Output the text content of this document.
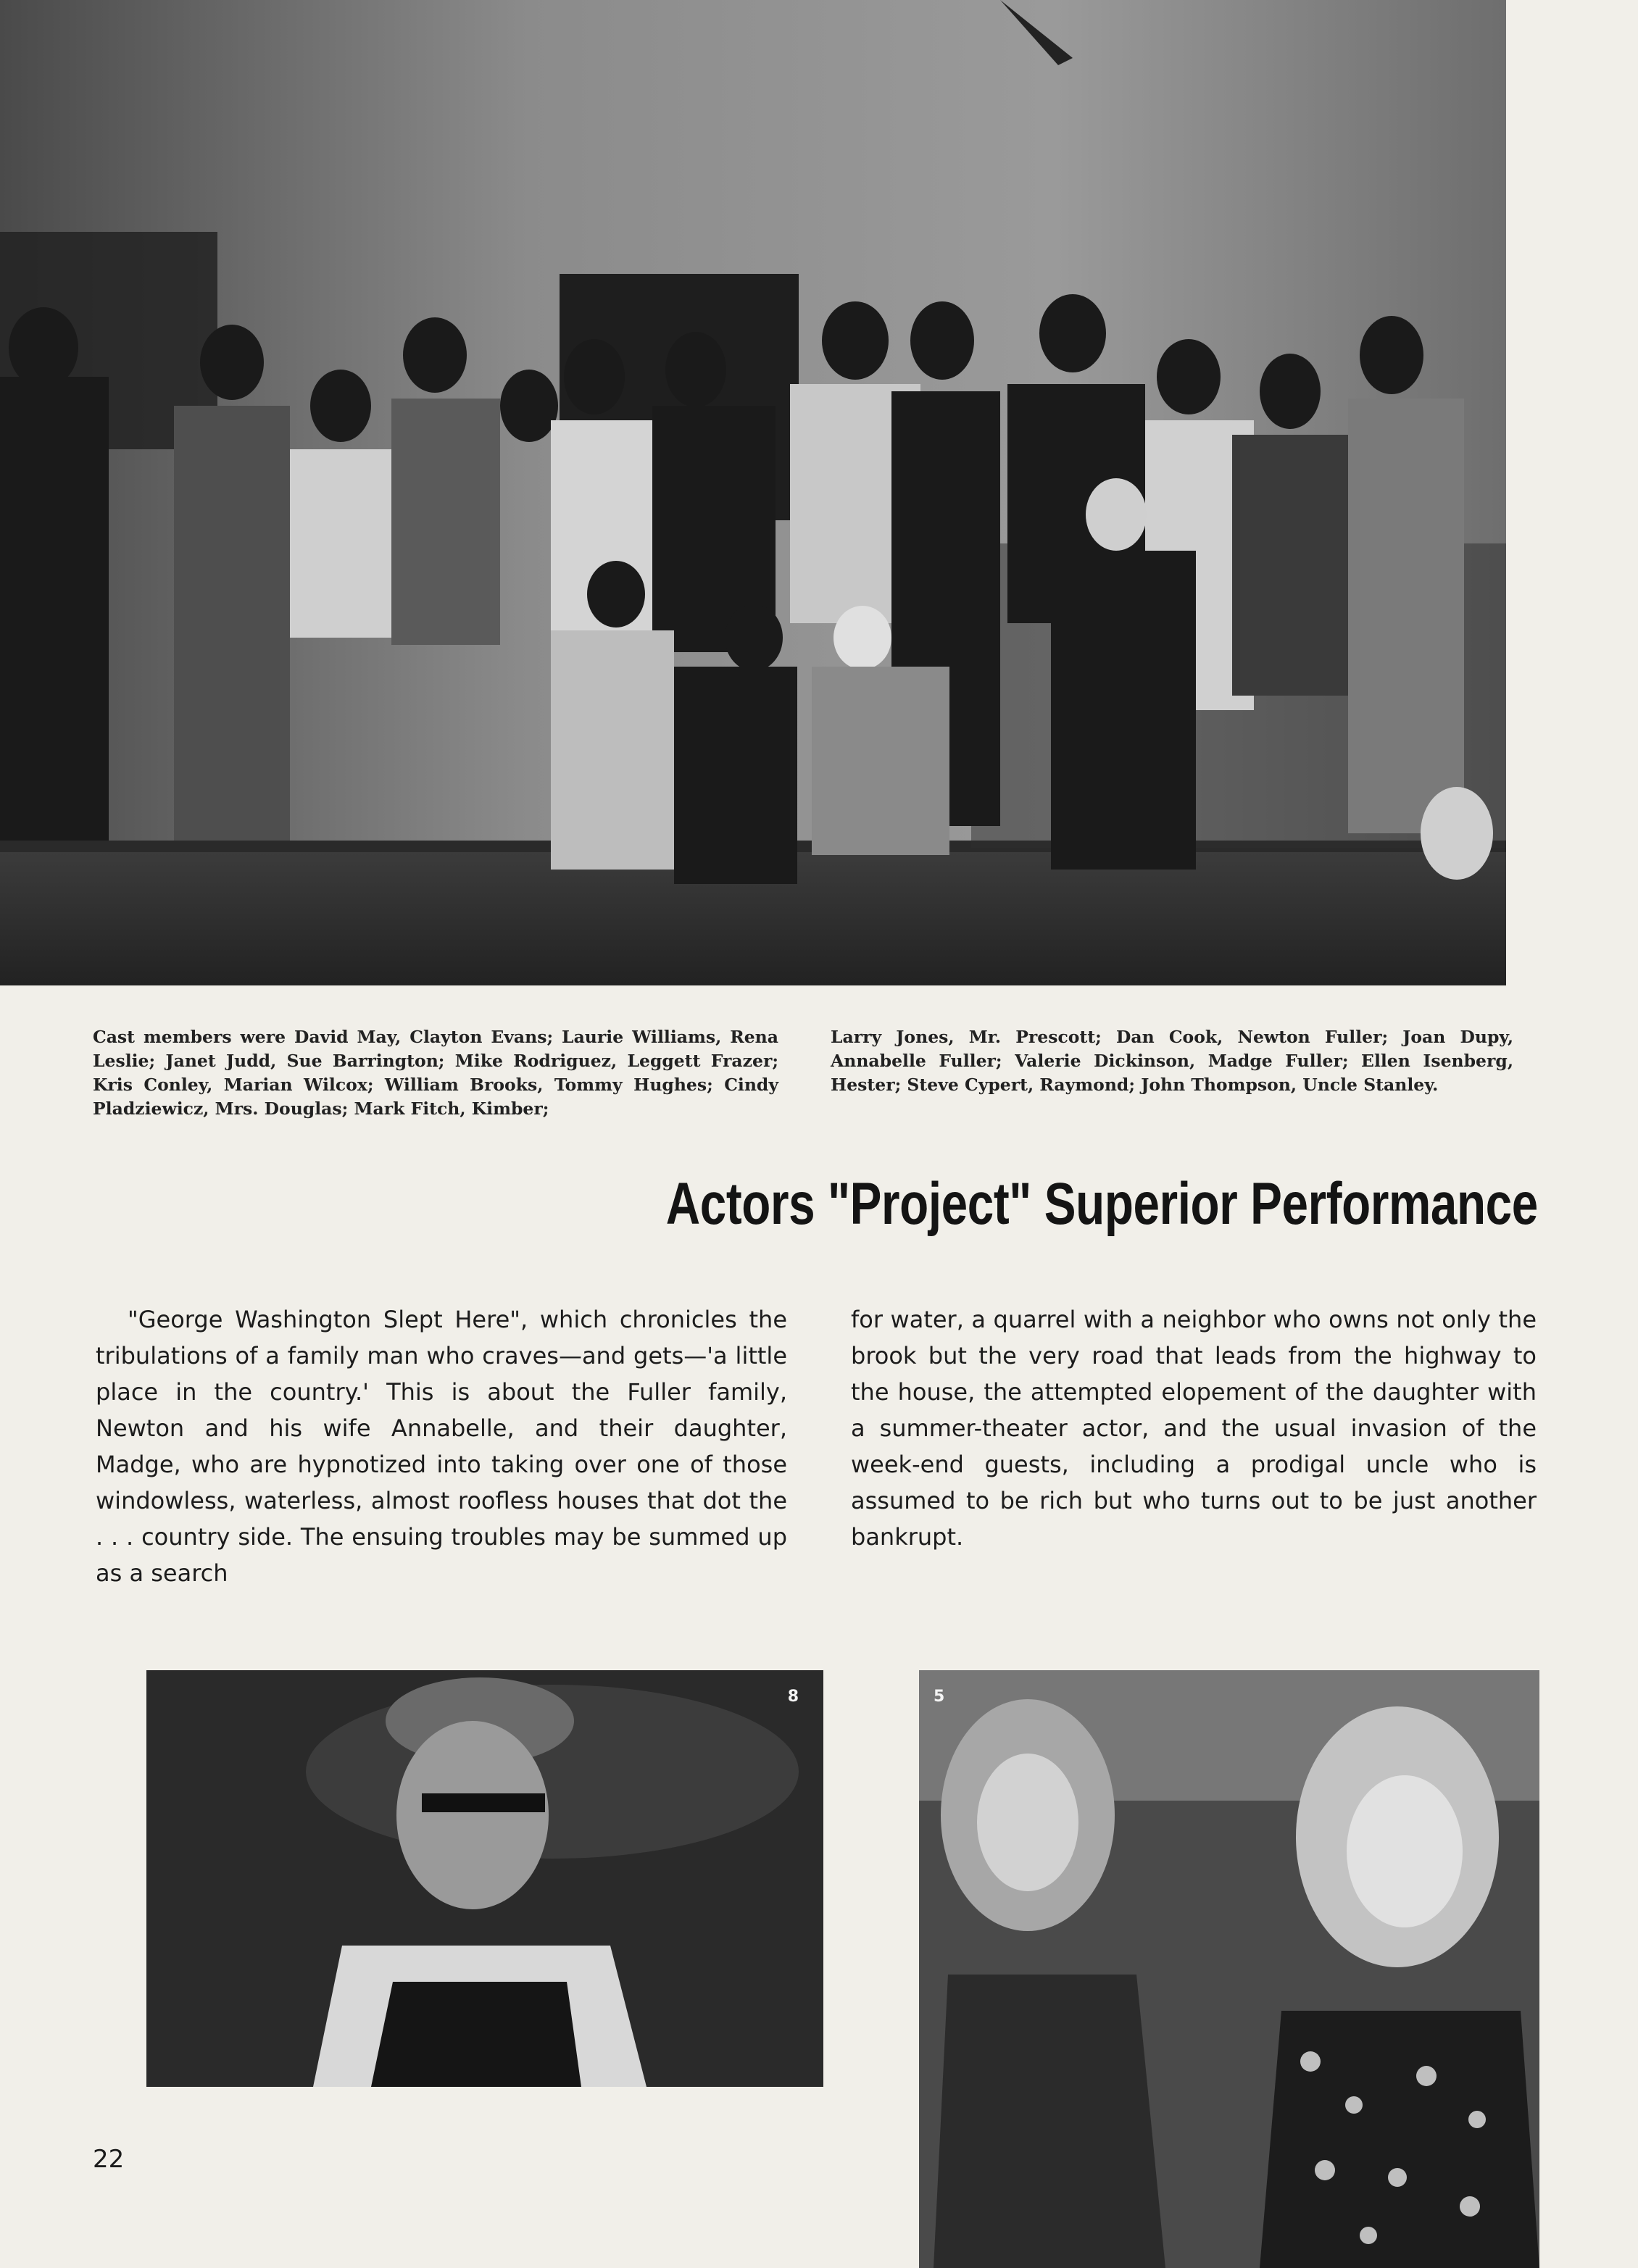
Cast members were David May, Clayton Evans; Laurie Williams, Rena Leslie; Janet Judd, Sue Barrington; Mike Rodriguez, Leggett Frazer; Kris Conley, Marian Wilcox; William Brooks, Tommy Hughes; Cindy Pladziewicz, Mrs. Douglas; Mark Fitch, Kimber;
Larry Jones, Mr. Prescott; Dan Cook, Newton Fuller; Joan Dupy, Annabelle Fuller; Valerie Dickinson, Madge Fuller; Ellen Isenberg, Hester; Steve Cypert, Raymond; John Thompson, Uncle Stanley.
Actors "Project" Superior Performance
"George Washington Slept Here", which chronicles the tribulations of a family man who craves—and gets—'a little place in the country.' This is about the Fuller family, Newton and his wife Annabelle, and their daughter, Madge, who are hypnotized into taking over one of those windowless, waterless, almost roofless houses that dot the . . . country side. The ensuing troubles may be summed up as a search
for water, a quarrel with a neighbor who owns not only the brook but the very road that leads from the highway to the house, the attempted elopement of the daughter with a summer-theater actor, and the usual invasion of the week-end guests, including a prodigal uncle who is assumed to be rich but who turns out to be just another bankrupt.
8	5
22
